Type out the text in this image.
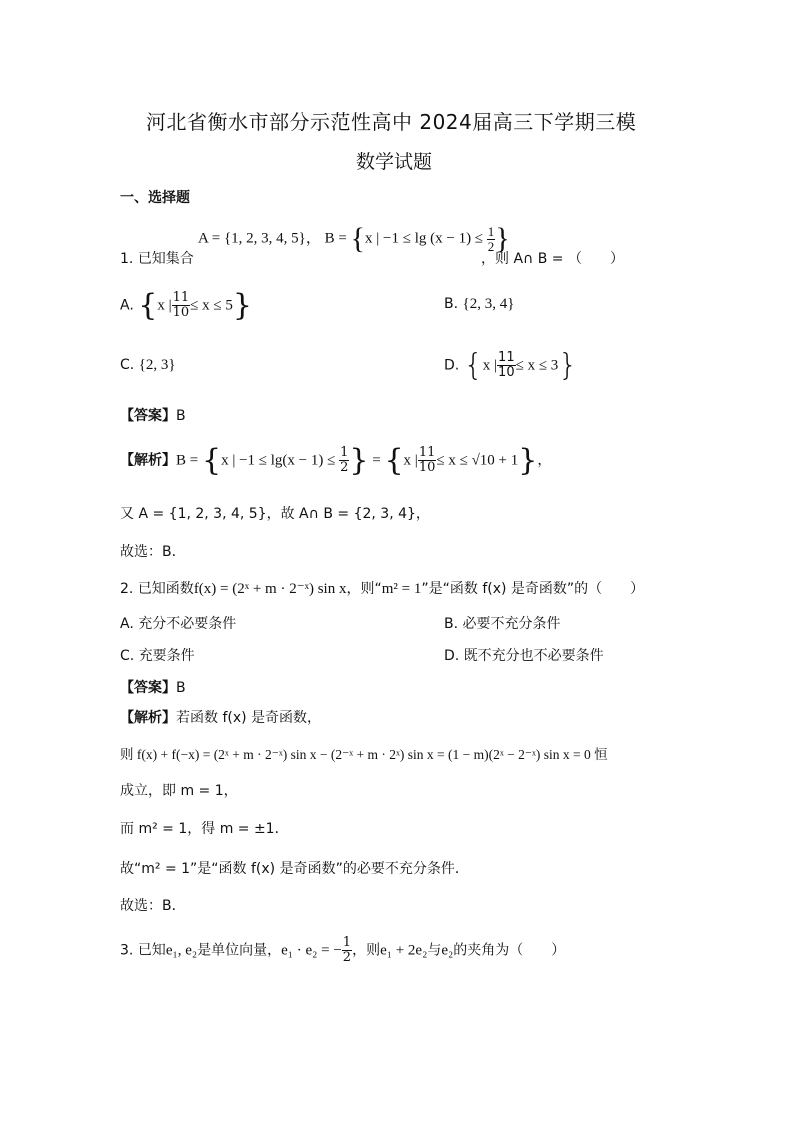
河北省衡水市部分示范性高中 2024届高三下学期三模
数学试题
一、选择题
A = {1, 2, 3, 4, 5}， B = {x | $-1 \le \lg (x - 1) \le \frac{1}{2}$ }
1. 已知集合	，则 A∩ B = （　　）
A. {x | $\frac{11}{10} \le x \le 5$}	B. {2, 3, 4}
C. {2, 3}	D. {x | $\frac{11}{10} \le x \le 3$}
【答案】B
【解析】B = {x | $-1 \le \lg(x - 1) \le \frac{1}{2}$ } = {x | $\frac{11}{10} \le x \le √10 + 1$}，
又 A = {1, 2, 3, 4, 5}，故 A∩ B = {2, 3, 4}，
故选：B．
2. 已知函数f(x) = (2ˣ + m · 2⁻ˣ) sin x，则“m² = 1”是“函数 f(x) 是奇函数”的（　　）
A. 充分不必要条件	B. 必要不充分条件
C. 充要条件	D. 既不充分也不必要条件
【答案】B
【解析】若函数 f(x) 是奇函数，
则 f(x) + f(−x) = (2ˣ + m · 2⁻ˣ) sin x − (2⁻ˣ + m · 2ˣ) sin x = (1 − m)(2ˣ − 2⁻ˣ) sin x = 0 恒
成立，即 m = 1，
而 m² = 1，得 m = ±1．
故“m² = 1”是“函数 f(x) 是奇函数”的必要不充分条件．
故选：B．
3. 已知e₁, e₂是单位向量，e₁ · e₂ = − $\frac{1}{2}$ ，则e₁ + 2e₂与e₂的夹角为（　　）
